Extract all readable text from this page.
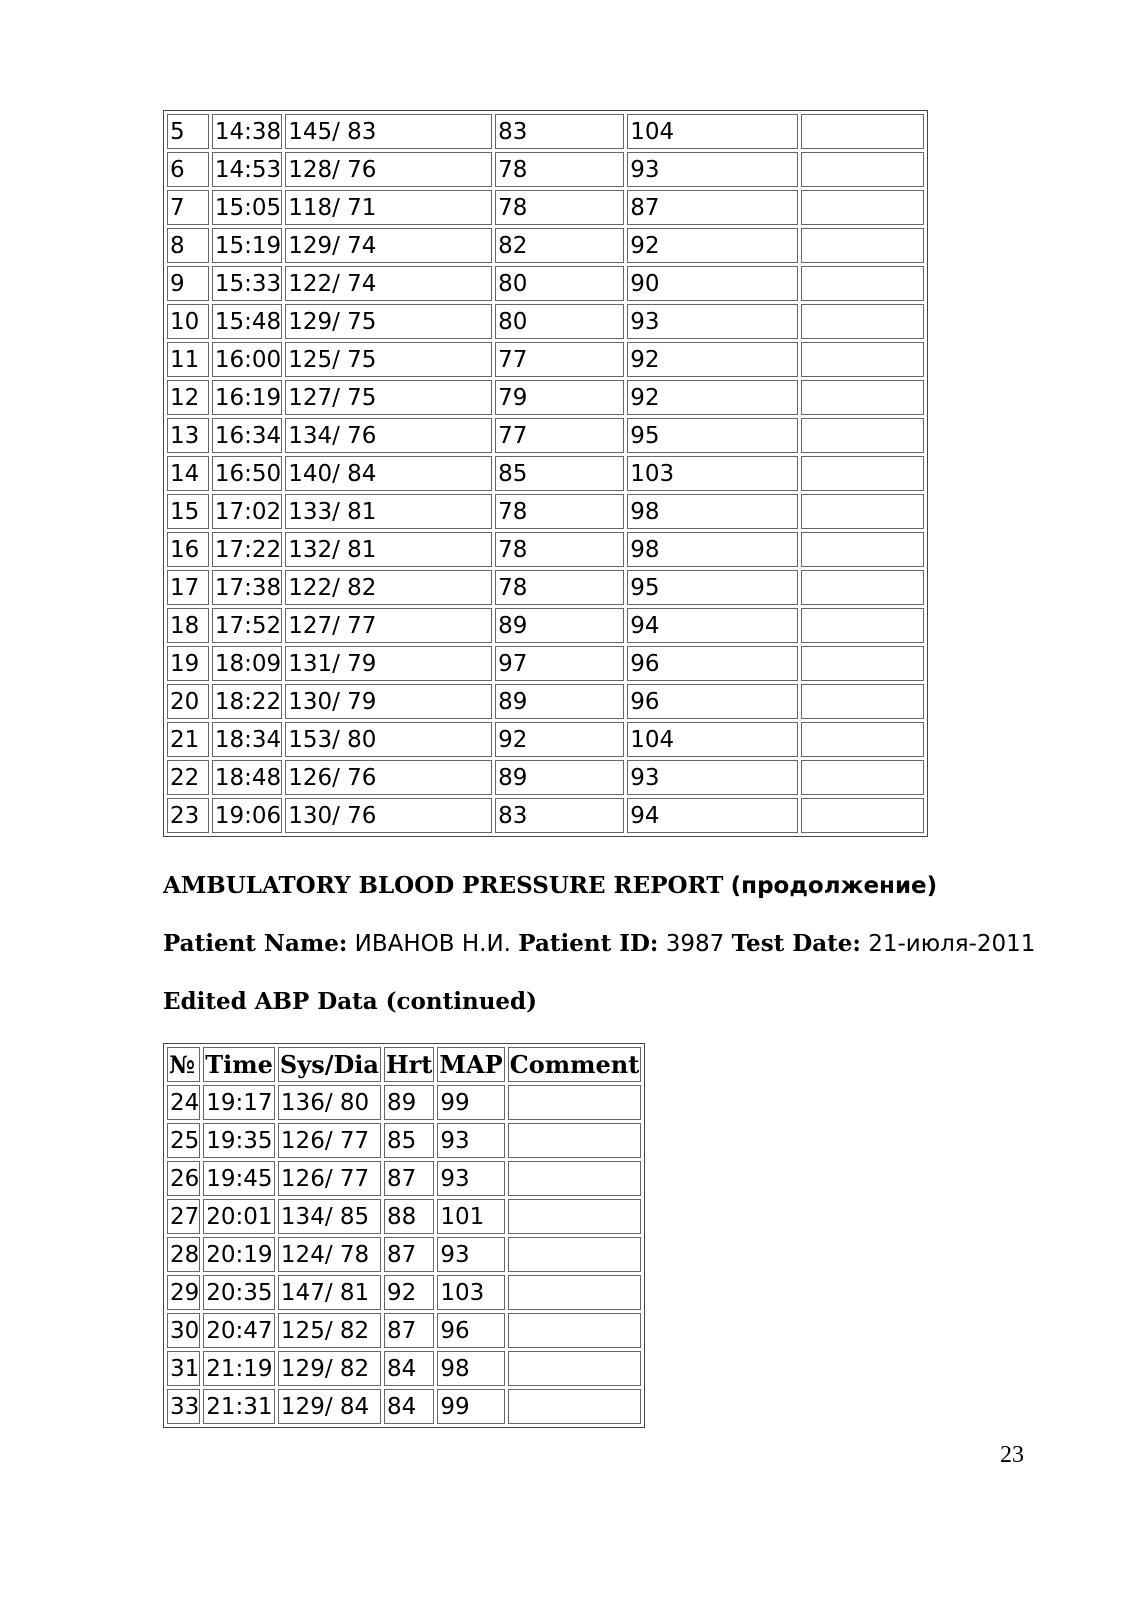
5	14:38	145/ 83	83	104	
6	14:53	128/ 76	78	93	
7	15:05	118/ 71	78	87	
8	15:19	129/ 74	82	92	
9	15:33	122/ 74	80	90	
10	15:48	129/ 75	80	93	
11	16:00	125/ 75	77	92	
12	16:19	127/ 75	79	92	
13	16:34	134/ 76	77	95	
14	16:50	140/ 84	85	103	
15	17:02	133/ 81	78	98	
16	17:22	132/ 81	78	98	
17	17:38	122/ 82	78	95	
18	17:52	127/ 77	89	94	
19	18:09	131/ 79	97	96	
20	18:22	130/ 79	89	96	
21	18:34	153/ 80	92	104	
22	18:48	126/ 76	89	93	
23	19:06	130/ 76	83	94	
AMBULATORY BLOOD PRESSURE REPORT (продолжение)
Patient Name: ИВАНОВ Н.И. Patient ID: 3987 Test Date: 21-июля-2011
Edited ABP Data (continued)
№	Time	Sys/Dia	Hrt	MAP	Comment
24	19:17	136/ 80	89	99	
25	19:35	126/ 77	85	93	
26	19:45	126/ 77	87	93	
27	20:01	134/ 85	88	101	
28	20:19	124/ 78	87	93	
29	20:35	147/ 81	92	103	
30	20:47	125/ 82	87	96	
31	21:19	129/ 82	84	98	
33	21:31	129/ 84	84	99	
23
